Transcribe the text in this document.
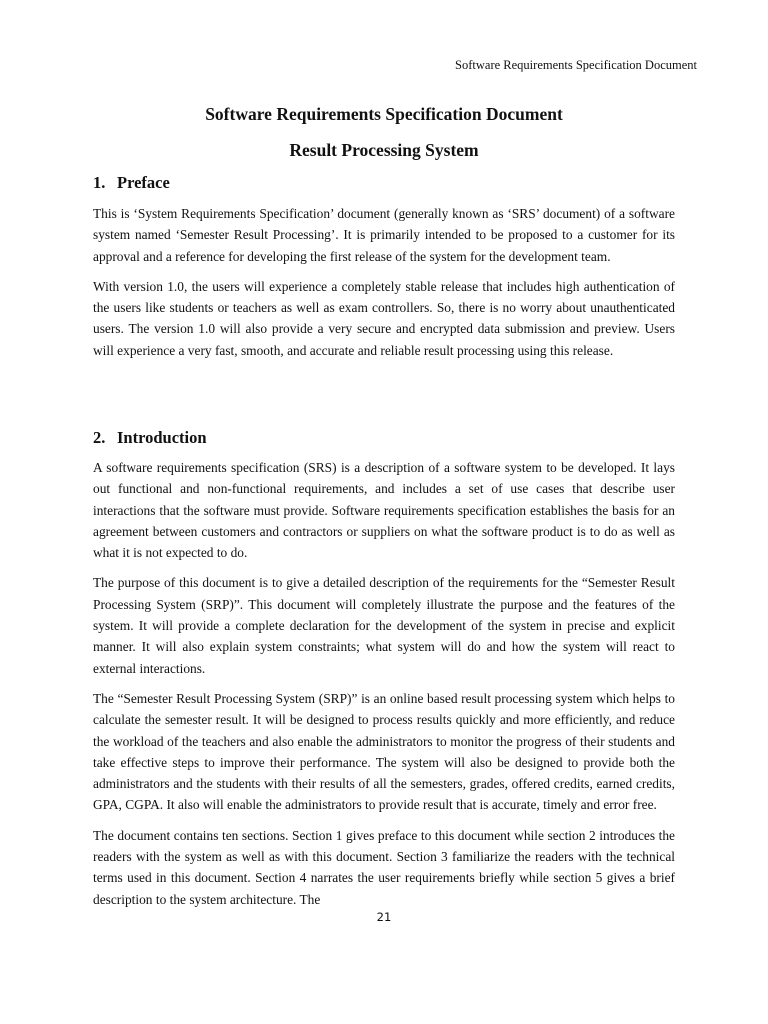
Software Requirements Specification Document
Software Requirements Specification Document
Result Processing System
1. Preface

This is ‘System Requirements Specification’ document (generally known as ‘SRS’ document) of a software system named ‘Semester Result Processing’. It is primarily intended to be proposed to a customer for its approval and a reference for developing the first release of the system for the development team.

With version 1.0, the users will experience a completely stable release that includes high authentication of the users like students or teachers as well as exam controllers. So, there is no worry about unauthenticated users. The version 1.0 will also provide a very secure and encrypted data submission and preview. Users will experience a very fast, smooth, and accurate and reliable result processing using this release.

2. Introduction

A software requirements specification (SRS) is a description of a software system to be developed. It lays out functional and non-functional requirements, and includes a set of use cases that describe user interactions that the software must provide. Software requirements specification establishes the basis for an agreement between customers and contractors or suppliers on what the software product is to do as well as what it is not expected to do.

The purpose of this document is to give a detailed description of the requirements for the “Semester Result Processing System (SRP)”. This document will completely illustrate the purpose and the features of the system. It will provide a complete declaration for the development of the system in precise and explicit manner. It will also explain system constraints; what system will do and how the system will react to external interactions.

The “Semester Result Processing System (SRP)” is an online based result processing system which helps to calculate the semester result. It will be designed to process results quickly and more efficiently, and reduce the workload of the teachers and also enable the administrators to monitor the progress of their students and take effective steps to improve their performance. The system will also be designed to provide both the administrators and the students with their results of all the semesters, grades, offered credits, earned credits, GPA, CGPA. It also will enable the administrators to provide result that is accurate, timely and error free.

The document contains ten sections. Section 1 gives preface to this document while section 2 introduces the readers with the system as well as with this document. Section 3 familiarize the readers with the technical terms used in this document. Section 4 narrates the user requirements briefly while section 5 gives a brief description to the system architecture. The

21
